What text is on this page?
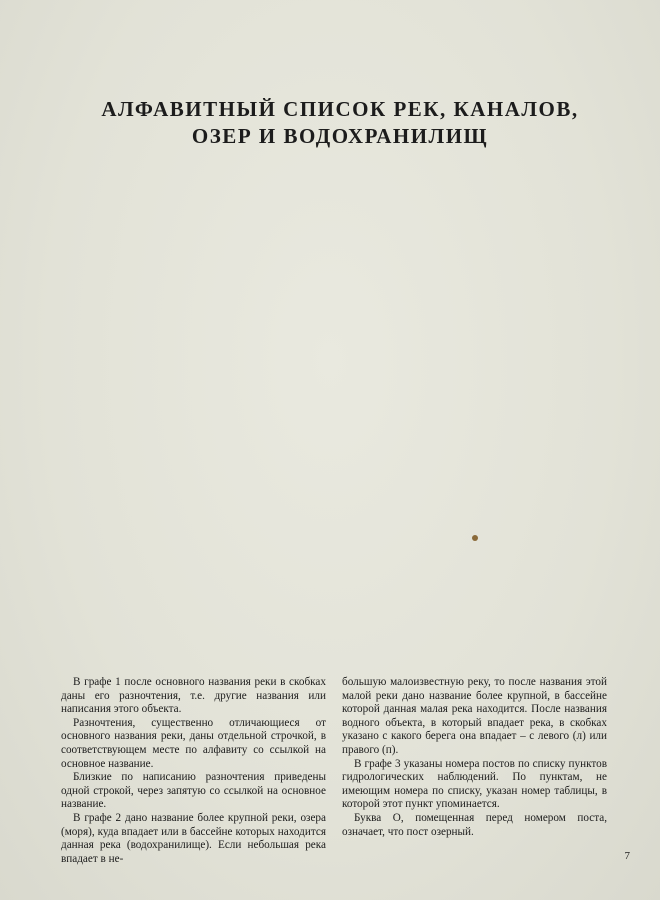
АЛФАВИТНЫЙ СПИСОК РЕК, КАНАЛОВ,
ОЗЕР И ВОДОХРАНИЛИЩ

В графе 1 после основного названия реки в скобках даны его разночтения, т.е. другие названия или написания этого объекта.

Разночтения, существенно отличающиеся от основного названия реки, даны отдельной строчкой, в соответствующем месте по алфавиту со ссылкой на основное название.

Близкие по написанию разночтения приведены одной строкой, через запятую со ссылкой на основное название.

В графе 2 дано название более крупной реки, озера (моря), куда впадает или в бассейне которых находится данная река (водохранилище). Если небольшая река впадает в не-

большую малоизвестную реку, то после названия этой малой реки дано название более крупной, в бассейне которой данная малая река находится. После названия водного объекта, в который впадает река, в скобках указано с какого берега она впадает – с левого (л) или правого (п).

В графе 3 указаны номера постов по списку пунктов гидрологических наблюдений. По пунктам, не имеющим номера по списку, указан номер таблицы, в которой этот пункт упоминается.

Буква О, помещенная перед номером поста, означает, что пост озерный.

7
